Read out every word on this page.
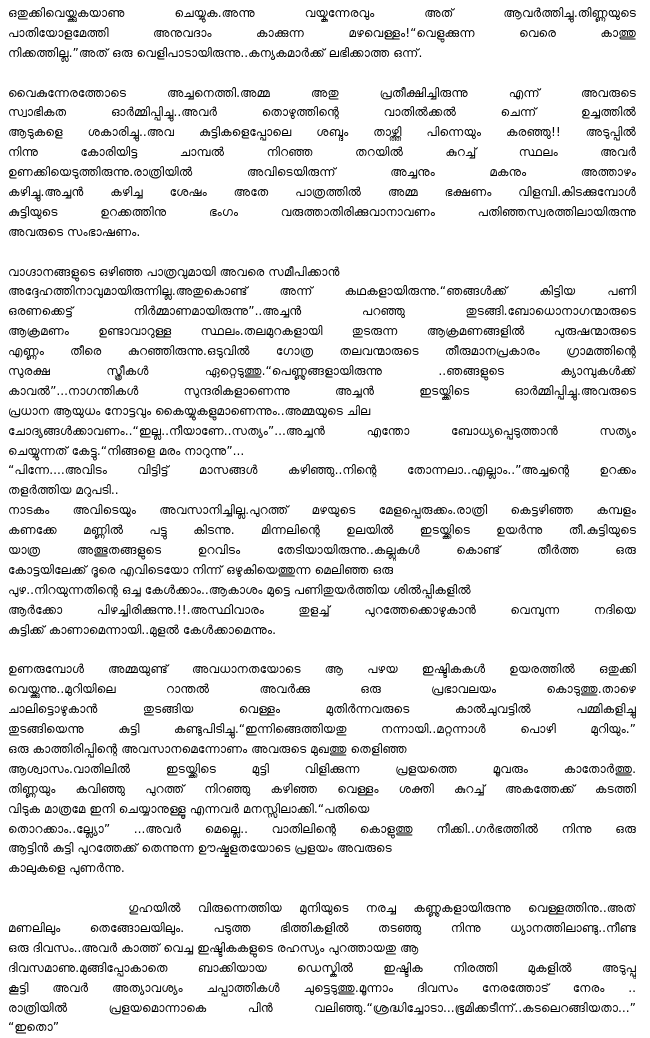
ഒതുക്കിവെയ്ക്കുകയാണു ചെയ്യുക.അന്നു വയ്കുന്നേരവും അത് ആവർത്തിച്ചു.തിണ്ണയുടെ
പാതിയോളമേത്തി അനുവദാം കാക്കുന്ന മഴവെള്ളം!“വെളുക്കുന്ന വെരെ കാത്തു
നിക്കത്തില്ല.”അത് ഒരു വെളിപാടായിരുന്നു..കന്യകമാർക്ക് ലഭിക്കാത്ത ഒന്ന്.
വൈകുന്നേരത്തോടെ അച്ചനെത്തി.അമ്മ അതു പ്രതീക്ഷിച്ചിരുന്നു എന്ന് അവരുടെ
സ്വാഭികത ഓർമ്മിപ്പിച്ചു..അവർ തൊഴുത്തിന്റെ വാതിൽക്കൽ ചെന്ന് ഉച്ചത്തിൽ
ആടുകളെ ശകാരിച്ചു..അവ കുട്ടികളെപ്പോലെ ശബ്ദം താഴ്ത്തി പിന്നെയും കരഞ്ഞു!! അടുപ്പിൽ
നിന്നു കോരിയിട്ട ചാമ്പൽ നിറഞ്ഞ തറയിൽ കുറച്ച് സ്ഥലം അവർ
ഉണക്കിയെടുത്തിരുന്നു.രാത്രിയിൽ അവിടെയിരുന്ന് അച്ചനും മകനും അത്താഴം
കഴിച്ചു.അച്ചൻ കഴിച്ച ശേഷം അതേ പാത്രത്തിൽ അമ്മ ഭക്ഷണം വിളമ്പി.കിടക്കുമ്പോൾ
കുട്ടിയുടെ ഉറക്കത്തിനു ഭംഗം വരുത്താതിരിക്കുവാനാവണം പതിഞ്ഞസ്വരത്തിലായിരുന്നു
അവരുടെ സംഭാഷണം.
വാഗ്ദാനങ്ങളുടെ ഒഴിഞ്ഞ പാത്രവുമായി അവരെ സമീപിക്കാൻ
അദ്ദേഹത്തിനാവുമായിരുന്നില്ല.അതുകൊണ്ട് അന്ന് കഥകളായിരുന്നു.“ഞങ്ങൾക്ക് കിട്ടിയ പണി
ഒരണക്കെട്ട് നിർമ്മാണമായിരുന്നു”..അച്ചൻ പറഞ്ഞു തുടങ്ങി.ബോധൊനാഗന്മാരുടെ
ആക്രമണം ഉണ്ടാവാറുള്ള സ്ഥലം.തലമുറകളായി തുടരുന്ന ആക്രമണങ്ങളിൽ പുരുഷന്മാരുടെ
എണ്ണം തീരെ കുറഞ്ഞിരുന്നു.ഒടുവിൽ ഗോത്ര തലവന്മാരുടെ തീരുമാനപ്രകാരം ഗ്രാമത്തിന്റെ
സുരക്ഷ സ്ത്രീകൾ ഏറ്റെടുത്തു.“പെണ്ണുങ്ങളായിരുന്നു ..ഞങ്ങളുടെ ക്യാമ്പുകൾക്ക്
കാവൽ”...നാഗന്തികൾ സുന്ദരികളാണെന്നു അച്ചൻ ഇടയ്ക്കിടെ ഓർമ്മിപ്പിച്ചു.അവരുടെ
പ്രധാന ആയുധം നോട്ടവും കൈയ്യുകളുമാണെന്നും..അമ്മയുടെ ചില
ചോദ്യങ്ങൾക്കാവണം..“ഇല്ല..നീയാണേ..സത്യം”...അച്ചൻ എന്തോ ബോധ്യപ്പെടുത്താൻ സത്യം
ചെയ്യുന്നത് കേട്ടു.“നിങ്ങളെ മരം നാറുന്നു”...
“പിന്നേ....അവിടം വിട്ടിട്ട് മാസങ്ങൾ കഴിഞ്ഞു..നിന്റെ തോന്നലാ..എല്ലാം..”അച്ചന്റെ ഉറക്കം
തളർത്തിയ മറുപടി..
നാടകം അവിടെയും അവസാനിച്ചില്ല.പുറത്ത് മഴയുടെ മേളപ്പെരുക്കം.രാത്രി കെട്ടഴിഞ്ഞ കമ്പളം
കണക്കേ മണ്ണിൽ പട്ടു കിടന്നു. മിന്നലിന്റെ ഉലയിൽ ഇടയ്ക്കിടെ ഉയർന്നു തീ.കുട്ടിയുടെ
യാത്ര അത്ഭുതങ്ങളുടെ ഉറവിടം തേടിയായിരുന്നു..കല്ലുകൾ കൊണ്ട് തീർത്ത ഒരു
കോട്ടയിലേക്ക് ദൂരെ എവിടെയോ നിന്ന് ഒഴുകിയെത്തുന്ന മെലിഞ്ഞ ഒരു
പുഴ..നിറയുന്നതിന്റെ ഒച്ച കേൾക്കാം..ആകാശം മുട്ടെ പണിതുയർത്തിയ ശിൽപ്പികളിൽ
ആർക്കോ പിഴച്ചിരിക്കുന്നു.!!.അസ്ഥിവാരം തുളച്ച് പുറത്തേക്കൊഴുകാൻ വെമ്പുന്ന നദിയെ
കുട്ടിക്ക് കാണാമെന്നായി..മുളൽ കേൾക്കാമെന്നും.
ഉണരുമ്പോൾ അമ്മയുണ്ട് അവധാനതയോടെ ആ പഴയ ഇഷ്ടികകൾ ഉയരത്തിൽ ഒതുക്കി
വെയ്ക്കുന്നു..മുറിയിലെ റാന്തൽ അവർക്കു ഒരു പ്രഭാവലയം കൊടുത്തു.താഴെ
ചാലിട്ടൊഴുകാൻ തുടങ്ങിയ വെള്ളം മുതിർന്നവരുടെ കാൽചുവട്ടിൽ പമ്മികളിച്ചു
തുടങ്ങിയെന്നു കുട്ടി കണ്ടുപിടിച്ചു.“ഇന്നിങ്ങെത്തിയതു നന്നായി..മറ്റന്നാൾ പൊഴി മുറിയും.”
ഒരു കാത്തിരിപ്പിന്റെ അവസാനമെന്നോണം അവരുടെ മുഖത്തു തെളിഞ്ഞ
ആശ്വാസം.വാതിലിൽ ഇടയ്ക്കിടെ മുട്ടി വിളിക്കുന്ന പ്രളയത്തെ മൂവരും കാതോർത്തു.
തിണ്ണയും കവിഞ്ഞു പുറത്ത് നിറഞ്ഞു കഴിഞ്ഞ വെള്ളം ശക്തി കുറച്ച് അകത്തേക്ക് കടത്തി
വിടുക മാത്രമേ ഇനി ചെയ്യാനുള്ളൂ എന്നവർ മനസ്സിലാക്കി.“പതിയെ
തൊറക്കാം..ല്ല്യോ” ...അവർ മെല്ലെ.. വാതിലിന്റെ കൊളുത്തു നീക്കി..ഗർഭത്തിൽ നിന്നു ഒരു
ആട്ടിൻ കുട്ടി പുറത്തേക്ക് തെന്നുന്ന ഊഷ്മളതയോടെ പ്രളയം അവരുടെ
കാലുകളെ പുണർന്നു.
ഗുഹയിൽ വിരുന്നെത്തിയ മുനിയുടെ നരച്ച കണ്ണുകളായിരുന്നു വെള്ളത്തിനു..അത്
മണലിലും തെങ്ങോലയിലും. പടുത്ത ഭിത്തികളിൽ തടഞ്ഞു നിന്നു ധ്യാനത്തിലാണ്ടു..നീണ്ട
ഒരു ദിവസം..അവർ കാത്ത് വെച്ച ഇഷ്ടികകളുടെ രഹസ്യം പുറത്തായതു ആ
ദിവസമാണു.മുങ്ങിപ്പോകാതെ ബാക്കിയായ ഡെസ്കിൽ ഇഷ്ടിക നിരത്തി മുകളിൽ അടുപ്പു
കൂട്ടി അവർ അത്യാവശ്യം ചപ്പാത്തികൾ ചുട്ടെടുത്തു.മൂന്നാം ദിവസം നേരത്തോട് നേരം ..
രാത്രിയിൽ പ്രളയമൊന്നാകെ പിൻ വലിഞ്ഞു.“ശ്രദ്ധിച്ചോടാ...ഭൂമിക്കടീന്ന്..കടലെറങ്ങിയതാ...”
“ഇതൊ”
